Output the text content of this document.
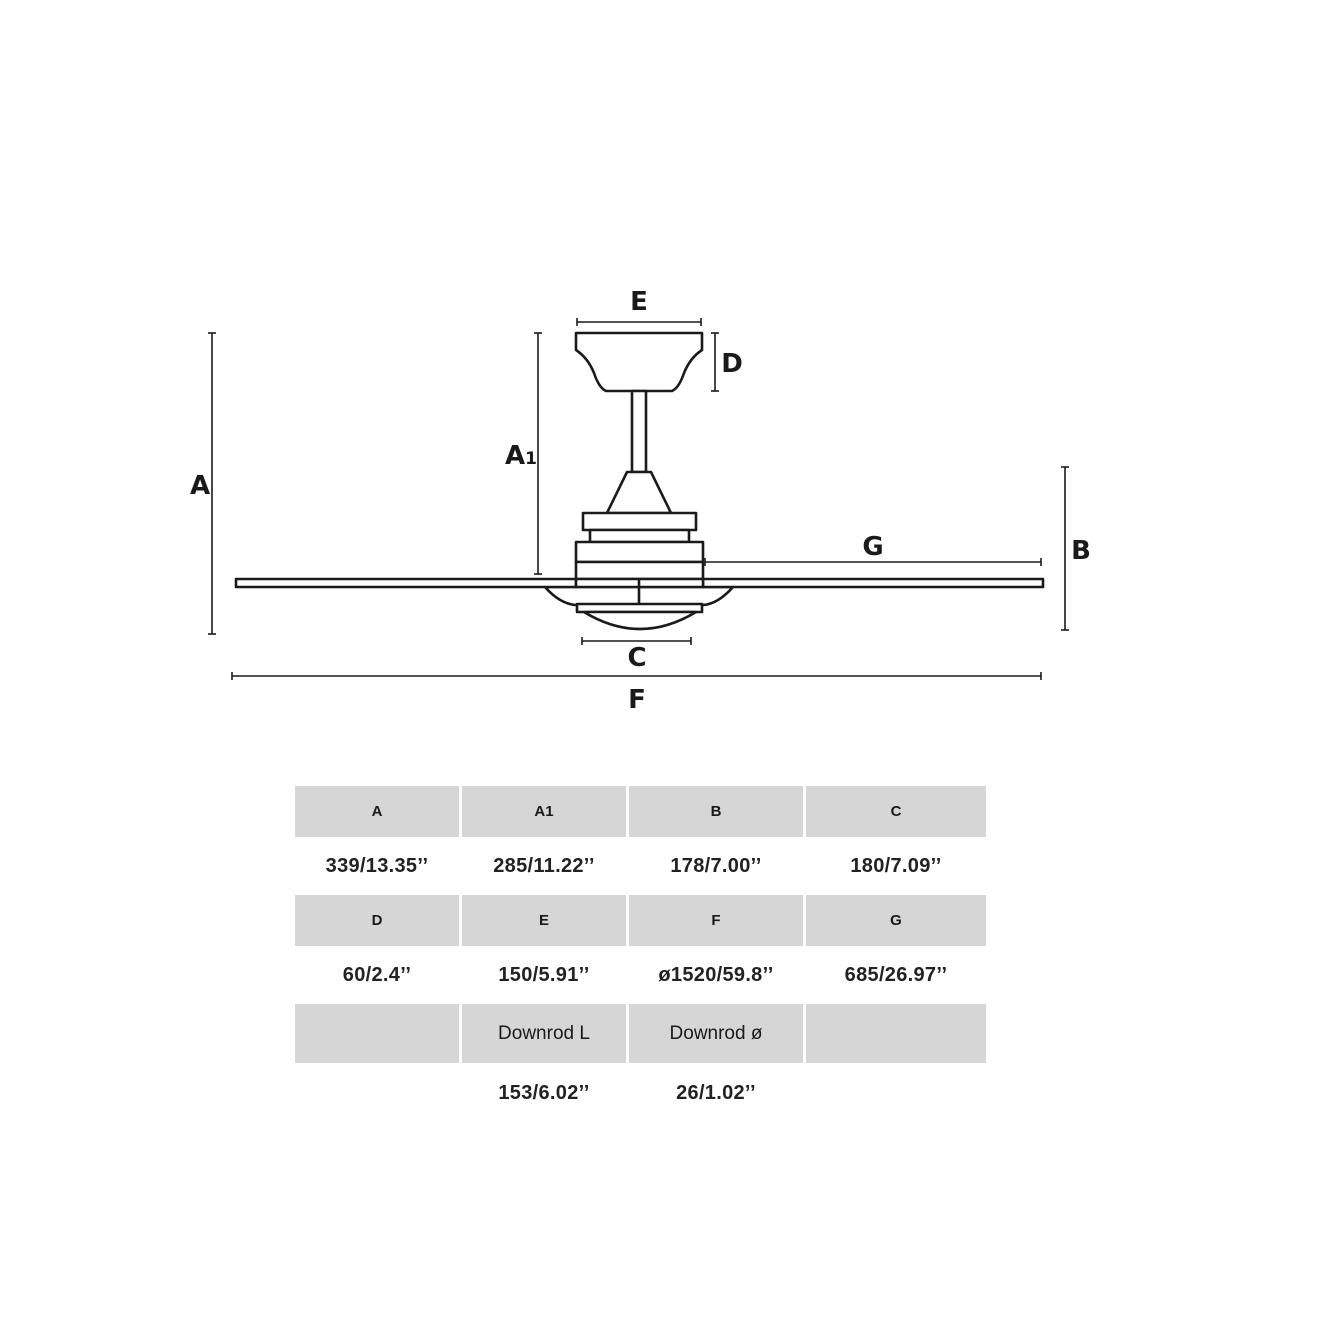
A
A1
E
D
B
G
C
F
A	A1	B	C
339/13.35’’	285/11.22’’	178/7.00’’	180/7.09’’
D	E	F	G
60/2.4’’	150/5.91’’	ø1520/59.8’’	685/26.97’’
Downrod L	Downrod ø
153/6.02’’	26/1.02’’
